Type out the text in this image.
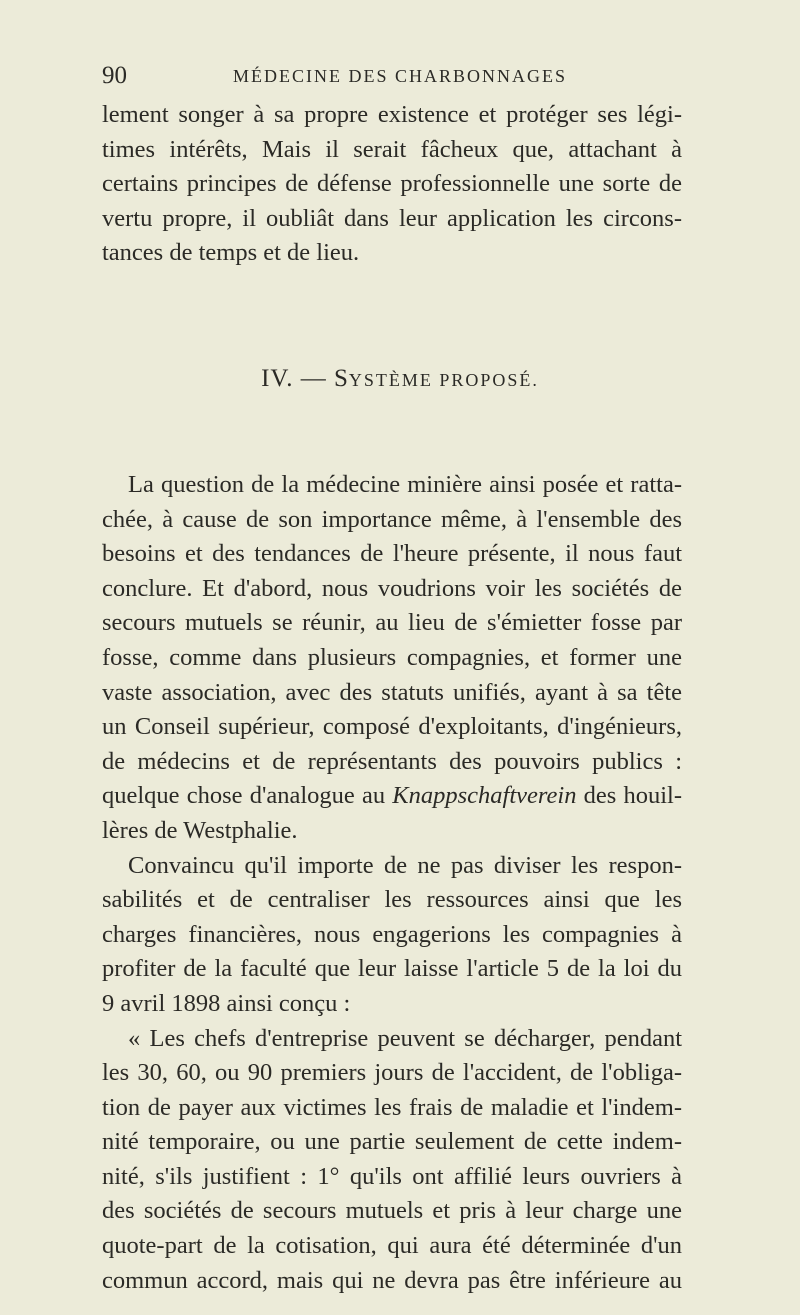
90	MÉDECINE DES CHARBONNAGES
lement songer à sa propre existence et protéger ses légi-
times intérêts, Mais il serait fâcheux que, attachant à
certains principes de défense professionnelle une sorte de
vertu propre, il oubliât dans leur application les circons-
tances de temps et de lieu.
IV. — SYSTÈME PROPOSÉ.
La question de la médecine minière ainsi posée et ratta-
chée, à cause de son importance même, à l'ensemble des
besoins et des tendances de l'heure présente, il nous faut
conclure. Et d'abord, nous voudrions voir les sociétés de
secours mutuels se réunir, au lieu de s'émietter fosse par
fosse, comme dans plusieurs compagnies, et former une
vaste association, avec des statuts unifiés, ayant à sa tête
un Conseil supérieur, composé d'exploitants, d'ingénieurs,
de médecins et de représentants des pouvoirs publics :
quelque chose d'analogue au Knappschaftverein des houil-
lères de Westphalie.
Convaincu qu'il importe de ne pas diviser les respon-
sabilités et de centraliser les ressources ainsi que les
charges financières, nous engagerions les compagnies à
profiter de la faculté que leur laisse l'article 5 de la loi du
9 avril 1898 ainsi conçu :
« Les chefs d'entreprise peuvent se décharger, pendant
les 30, 60, ou 90 premiers jours de l'accident, de l'obliga-
tion de payer aux victimes les frais de maladie et l'indem-
nité temporaire, ou une partie seulement de cette indem-
nité, s'ils justifient : 1° qu'ils ont affilié leurs ouvriers à
des sociétés de secours mutuels et pris à leur charge une
quote-part de la cotisation, qui aura été déterminée d'un
commun accord, mais qui ne devra pas être inférieure au
